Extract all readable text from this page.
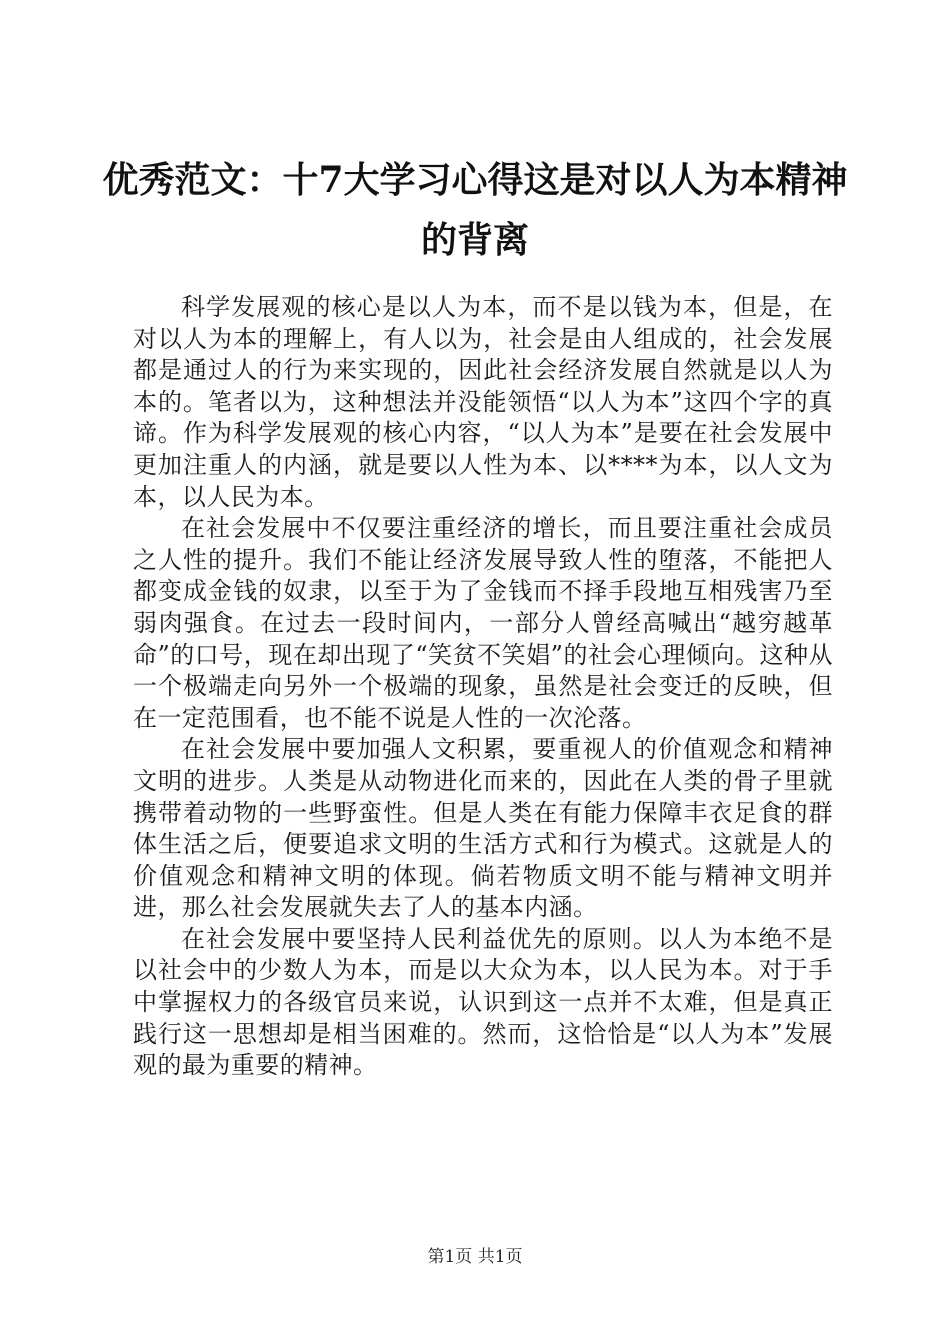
优秀范文：十7大学习心得这是对以人为本精神的背离

科学发展观的核心是以人为本，而不是以钱为本，但是，在对以人为本的理解上，有人以为，社会是由人组成的，社会发展都是通过人的行为来实现的，因此社会经济发展自然就是以人为本的。笔者以为，这种想法并没能领悟“以人为本”这四个字的真谛。作为科学发展观的核心内容，“以人为本”是要在社会发展中更加注重人的内涵，就是要以人性为本、以****为本，以人文为本，以人民为本。

在社会发展中不仅要注重经济的增长，而且要注重社会成员之人性的提升。我们不能让经济发展导致人性的堕落，不能把人都变成金钱的奴隶，以至于为了金钱而不择手段地互相残害乃至弱肉强食。在过去一段时间内，一部分人曾经高喊出“越穷越革命”的口号，现在却出现了“笑贫不笑娼”的社会心理倾向。这种从一个极端走向另外一个极端的现象，虽然是社会变迁的反映，但在一定范围看，也不能不说是人性的一次沦落。

在社会发展中要加强人文积累，要重视人的价值观念和精神文明的进步。人类是从动物进化而来的，因此在人类的骨子里就携带着动物的一些野蛮性。但是人类在有能力保障丰衣足食的群体生活之后，便要追求文明的生活方式和行为模式。这就是人的价值观念和精神文明的体现。倘若物质文明不能与精神文明并进，那么社会发展就失去了人的基本内涵。

在社会发展中要坚持人民利益优先的原则。以人为本绝不是以社会中的少数人为本，而是以大众为本，以人民为本。对于手中掌握权力的各级官员来说，认识到这一点并不太难，但是真正践行这一思想却是相当困难的。然而，这恰恰是“以人为本”发展观的最为重要的精神。

第1页 共1页
